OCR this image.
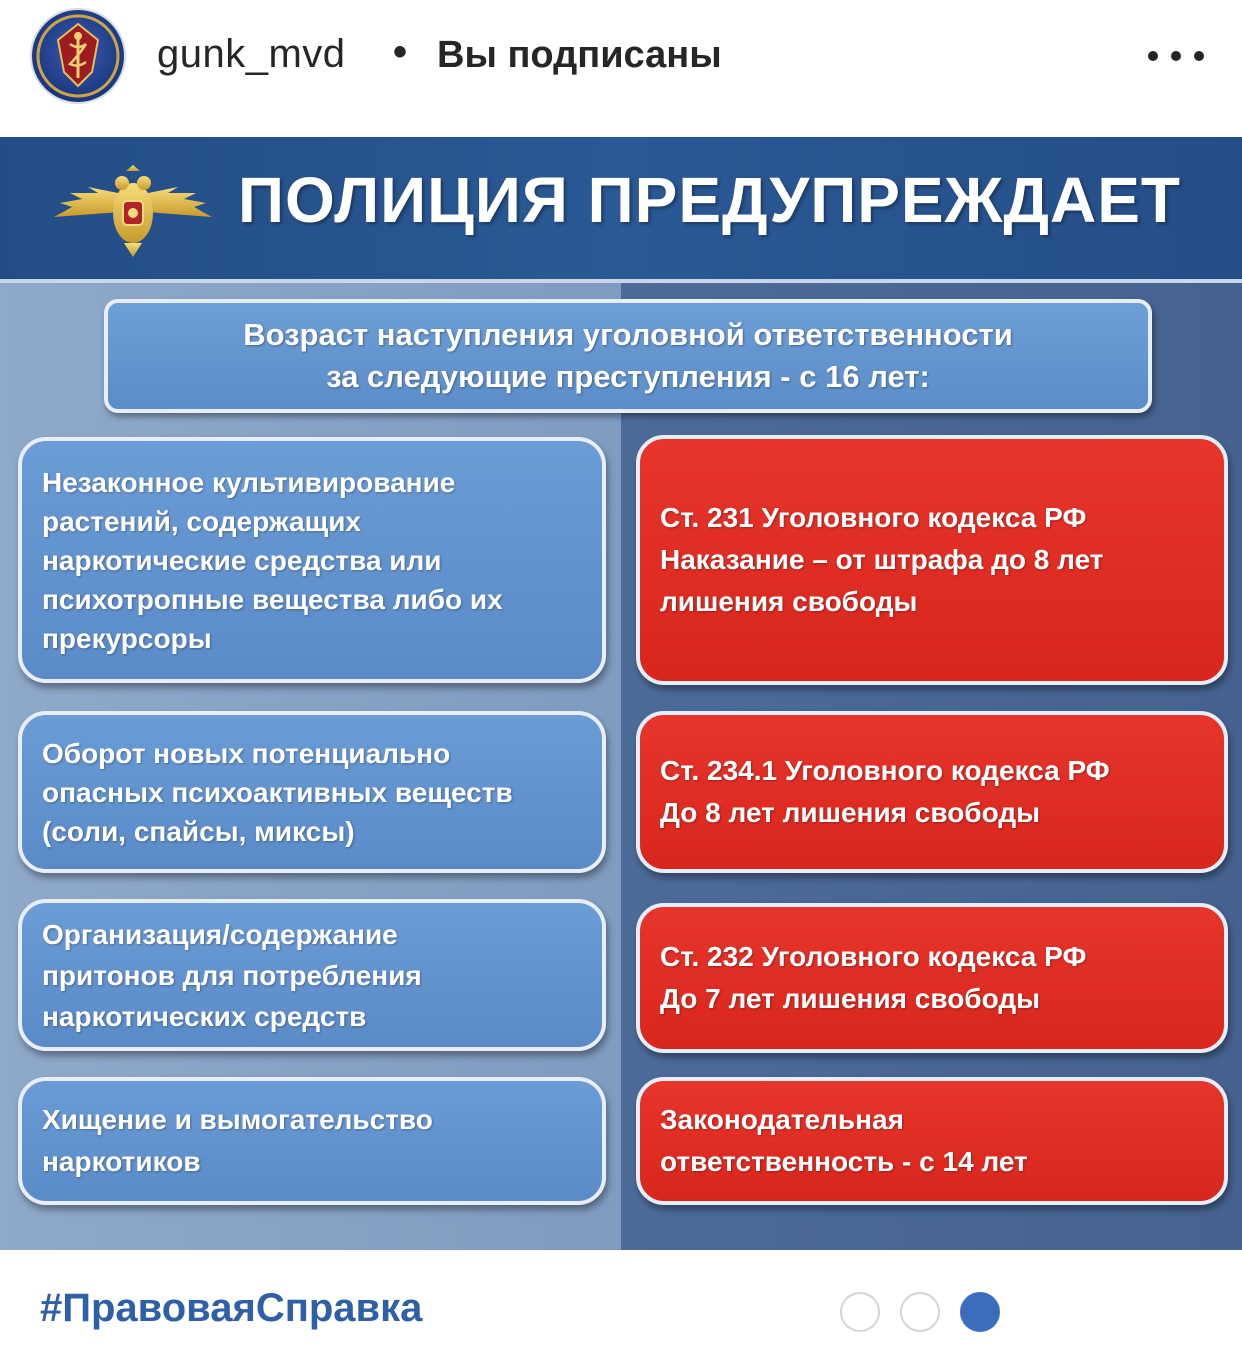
gunk_mvd • Вы подписаны
ПОЛИЦИЯ ПРЕДУПРЕЖДАЕТ
Возраст наступления уголовной ответственности
за следующие преступления - с 16 лет:
Незаконное культивирование
растений, содержащих
наркотические средства или
психотропные вещества либо их
прекурсоры
Ст. 231 Уголовного кодекса РФ
Наказание – от штрафа до 8 лет
лишения свободы
Оборот новых потенциально
опасных психоактивных веществ
(соли, спайсы, миксы)
Ст. 234.1 Уголовного кодекса РФ
До 8 лет лишения свободы
Организация/содержание
притонов для потребления
наркотических средств
Ст. 232 Уголовного кодекса РФ
До 7 лет лишения свободы
Хищение и вымогательство
наркотиков
Законодательная
ответственность - с 14 лет
#ПравоваяСправка
